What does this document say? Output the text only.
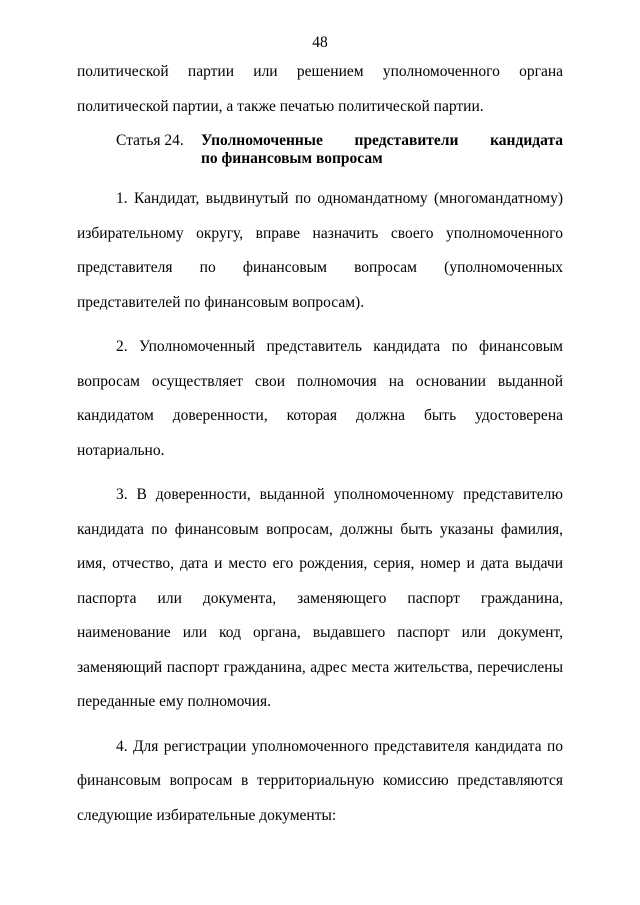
48
политической партии или решением уполномоченного органа
политической партии, а также печатью политической партии.
Статья 24.	Уполномоченные представители кандидата
по финансовым вопросам

1. Кандидат, выдвинутый по одномандатному (многомандатному) избирательному округу, вправе назначить своего уполномоченного представителя по финансовым вопросам (уполномоченных представителей по финансовым вопросам).

2. Уполномоченный представитель кандидата по финансовым вопросам осуществляет свои полномочия на основании выданной кандидатом доверенности, которая должна быть удостоверена нотариально.

3. В доверенности, выданной уполномоченному представителю кандидата по финансовым вопросам, должны быть указаны фамилия, имя, отчество, дата и место его рождения, серия, номер и дата выдачи паспорта или документа, заменяющего паспорт гражданина, наименование или код органа, выдавшего паспорт или документ, заменяющий паспорт гражданина, адрес места жительства, перечислены переданные ему полномочия.

4. Для регистрации уполномоченного представителя кандидата по финансовым вопросам в территориальную комиссию представляются следующие избирательные документы:
